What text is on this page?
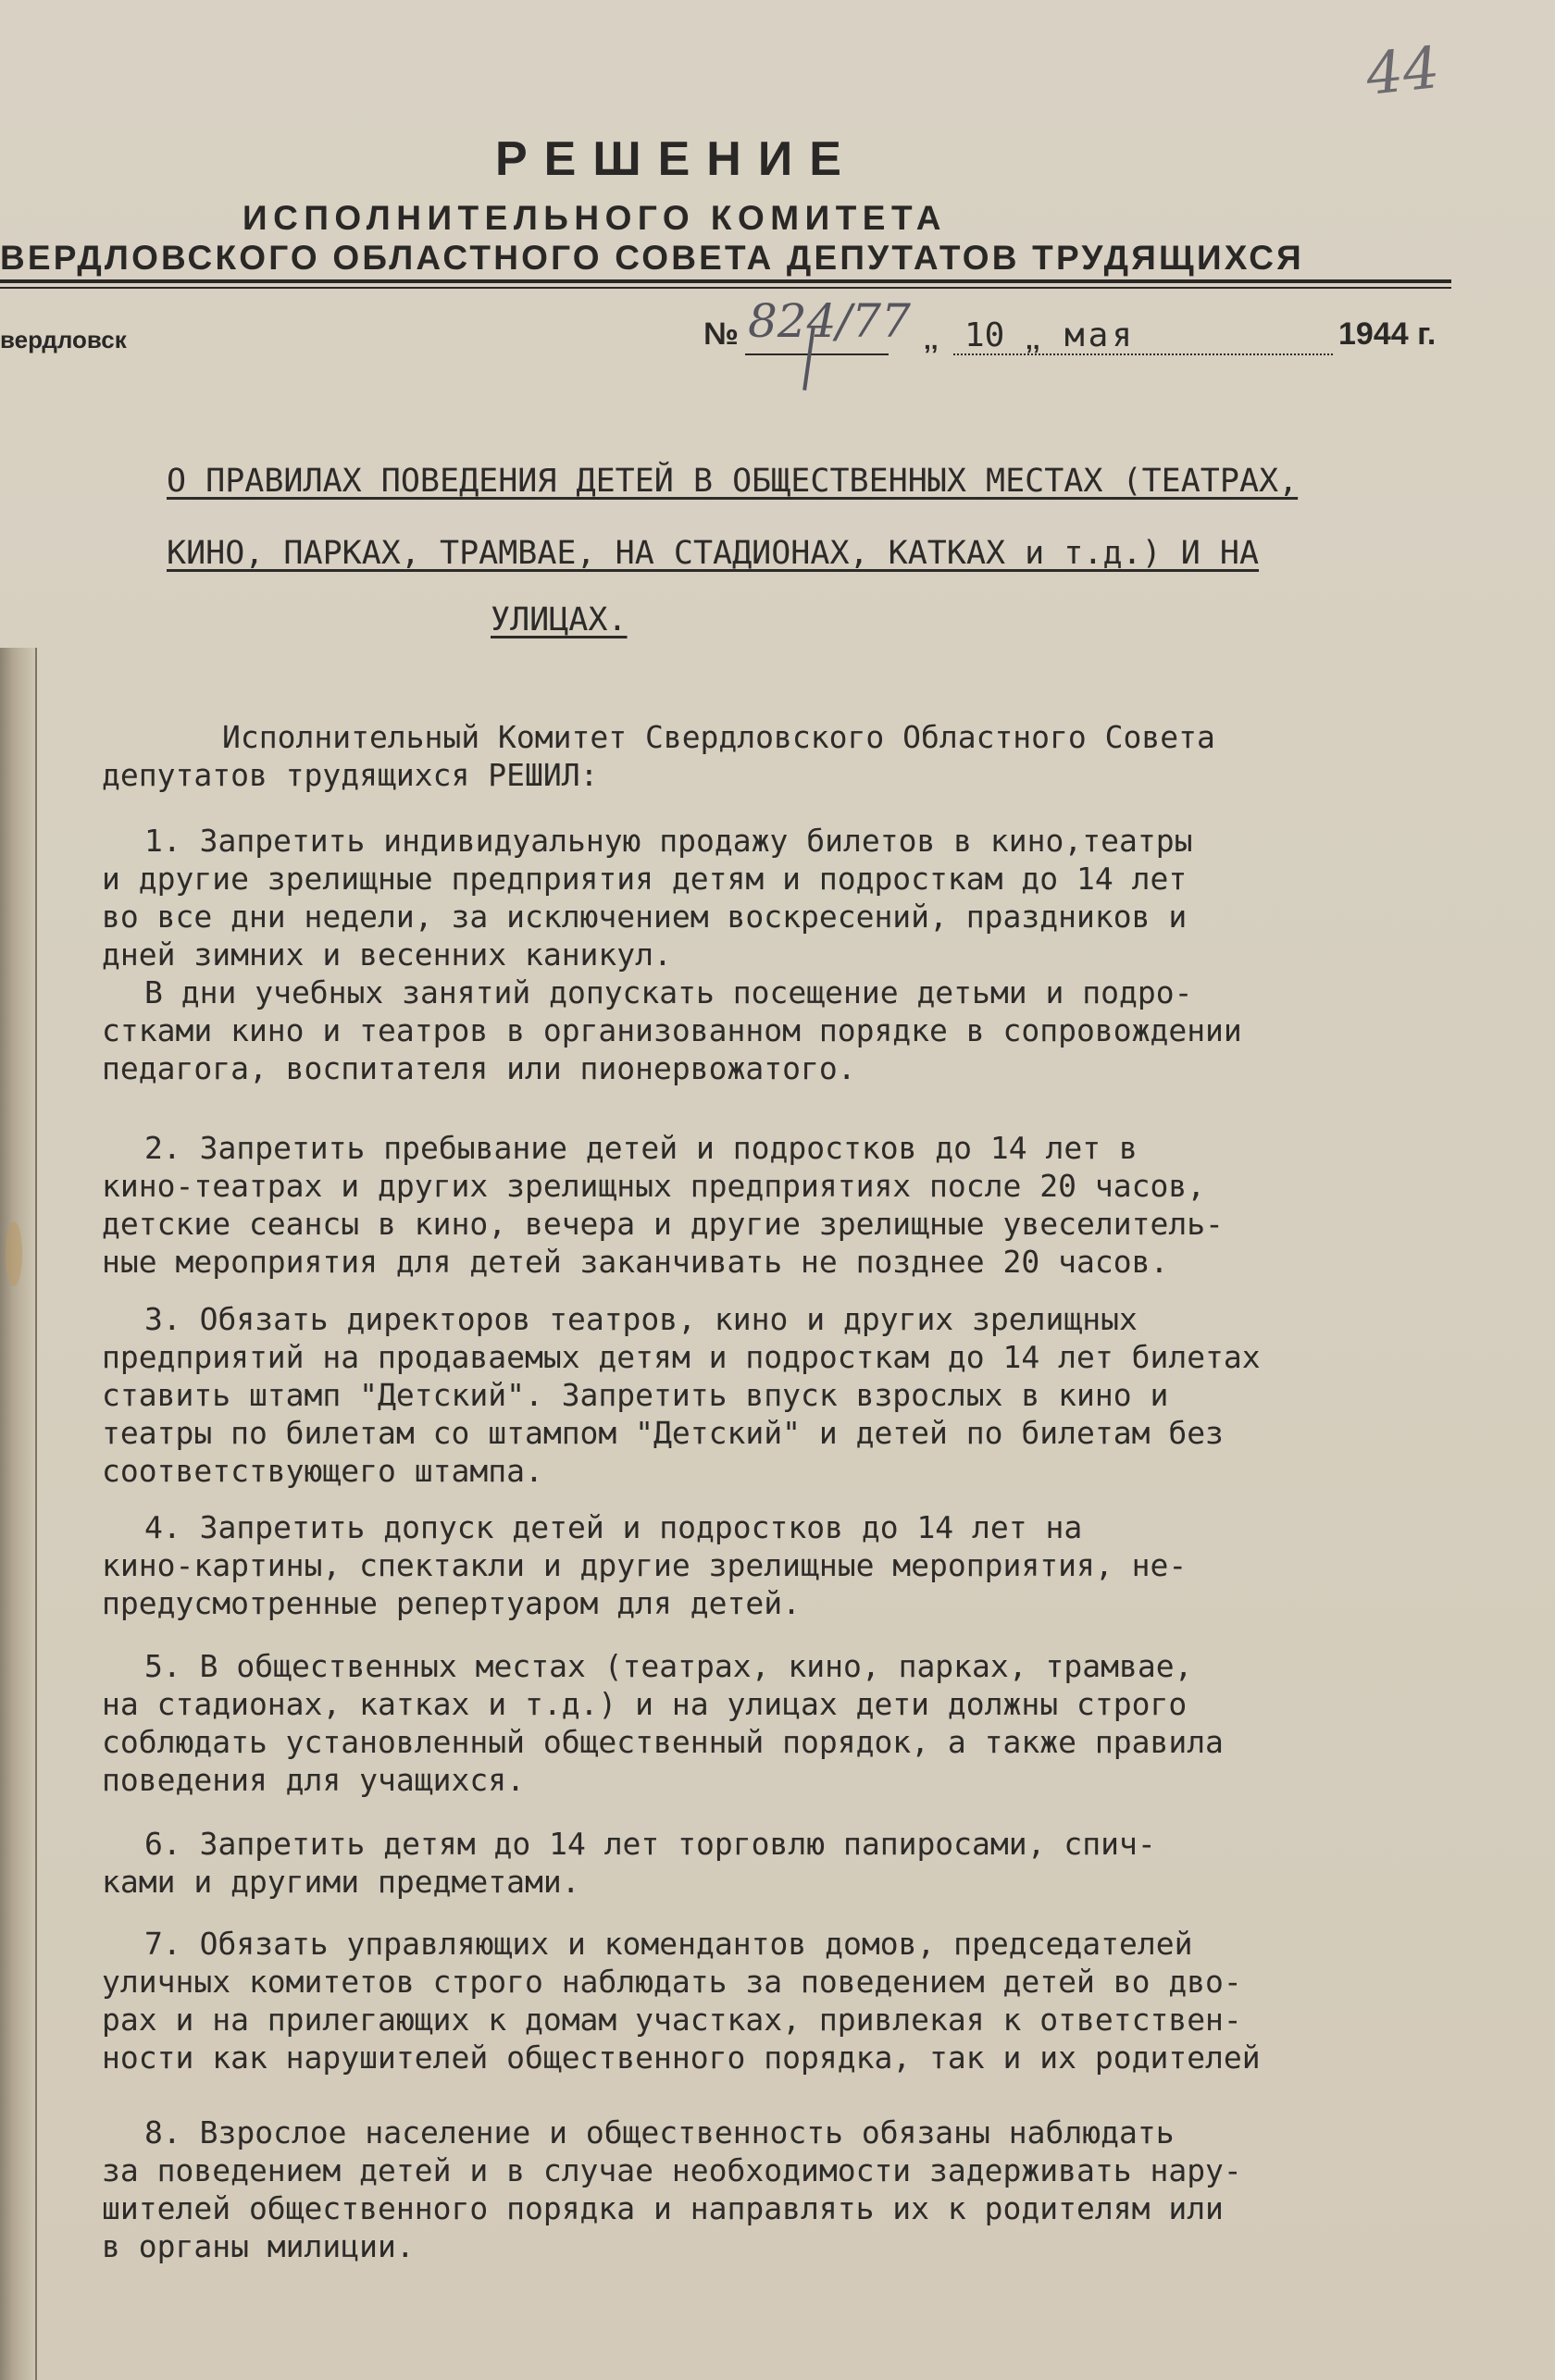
44
РЕШЕНИЕ
ИСПОЛНИТЕЛЬНОГО КОМИТЕТА
ВЕРДЛОВСКОГО ОБЛАСТНОГО СОВЕТА ДЕПУТАТОВ ТРУДЯЩИХСЯ
вердловск	№ 824/77 ,, 10 ,, мая	1944 г.
О ПРАВИЛАХ ПОВЕДЕНИЯ ДЕТЕЙ В ОБЩЕСТВЕННЫХ МЕСТАХ (ТЕАТРАХ,
КИНО, ПАРКАХ, ТРАМВАЕ, НА СТАДИОНАХ, КАТКАХ и т.д.) И НА
УЛИЦАХ.
Исполнительный Комитет Свердловского Областного Совета
депутатов трудящихся РЕШИЛ:
1. Запретить индивидуальную продажу билетов в кино,театры
и другие зрелищные предприятия детям и подросткам до 14 лет
во все дни недели, за исключением воскресений, праздников и
дней зимних и весенних каникул.
В дни учебных занятий допускать посещение детьми и подро-
стками кино и театров в организованном порядке в сопровождении
педагога, воспитателя или пионервожатого.
2. Запретить пребывание детей и подростков до 14 лет в
кино-театрах и других зрелищных предприятиях после 20 часов,
детские сеансы в кино, вечера и другие зрелищные увеселитель-
ные мероприятия для детей заканчивать не позднее 20 часов.
3. Обязать директоров театров, кино и других зрелищных
предприятий на продаваемых детям и подросткам до 14 лет билетах
ставить штамп "Детский". Запретить впуск взрослых в кино и
театры по билетам со штампом "Детский" и детей по билетам без
соответствующего штампа.
4. Запретить допуск детей и подростков до 14 лет на
кино-картины, спектакли и другие зрелищные мероприятия, не-
предусмотренные репертуаром для детей.
5. В общественных местах (театрах, кино, парках, трамвае,
на стадионах, катках и т.д.) и на улицах дети должны строго
соблюдать установленный общественный порядок, а также правила
поведения для учащихся.
6. Запретить детям до 14 лет торговлю папиросами, спич-
ками и другими предметами.
7. Обязать управляющих и комендантов домов, председателей
уличных комитетов строго наблюдать за поведением детей во дво-
рах и на прилегающих к домам участках, привлекая к ответствен-
ности как нарушителей общественного порядка, так и их родителей
8. Взрослое население и общественность обязаны наблюдать
за поведением детей и в случае необходимости задерживать нару-
шителей общественного порядка и направлять их к родителям или
в органы милиции.
